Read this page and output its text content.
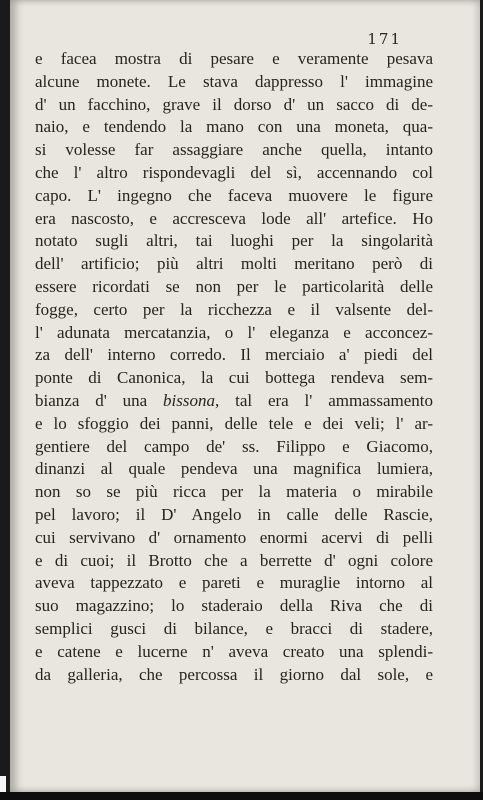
171
e facea mostra di pesare e veramente pesava
alcune monete. Le stava dappresso l' immagine
d' un facchino, grave il dorso d' un sacco di de-
naio, e tendendo la mano con una moneta, qua-
si volesse far assaggiare anche quella, intanto
che l' altro rispondevagli del sì, accennando col
capo. L' ingegno che faceva muovere le figure
era nascosto, e accresceva lode all' artefice. Ho
notato sugli altri, tai luoghi per la singolarità
dell' artificio; più altri molti meritano però di
essere ricordati se non per le particolarità delle
fogge, certo per la ricchezza e il valsente del-
l' adunata mercatanzia, o l' eleganza e acconcez-
za dell' interno corredo. Il merciaio a' piedi del
ponte di Canonica, la cui bottega rendeva sem-
bianza d' una bissona, tal era l' ammassamento
e lo sfoggio dei panni, delle tele e dei veli; l' ar-
gentiere del campo de' ss. Filippo e Giacomo,
dinanzi al quale pendeva una magnifica lumiera,
non so se più ricca per la materia o mirabile
pel lavoro; il D' Angelo in calle delle Rascie,
cui servivano d' ornamento enormi acervi di pelli
e di cuoi; il Brotto che a berrette d' ogni colore
aveva tappezzato e pareti e muraglie intorno al
suo magazzino; lo staderaio della Riva che di
semplici gusci di bilance, e bracci di stadere,
e catene e lucerne n' aveva creato una splendi-
da galleria, che percossa il giorno dal sole, e
